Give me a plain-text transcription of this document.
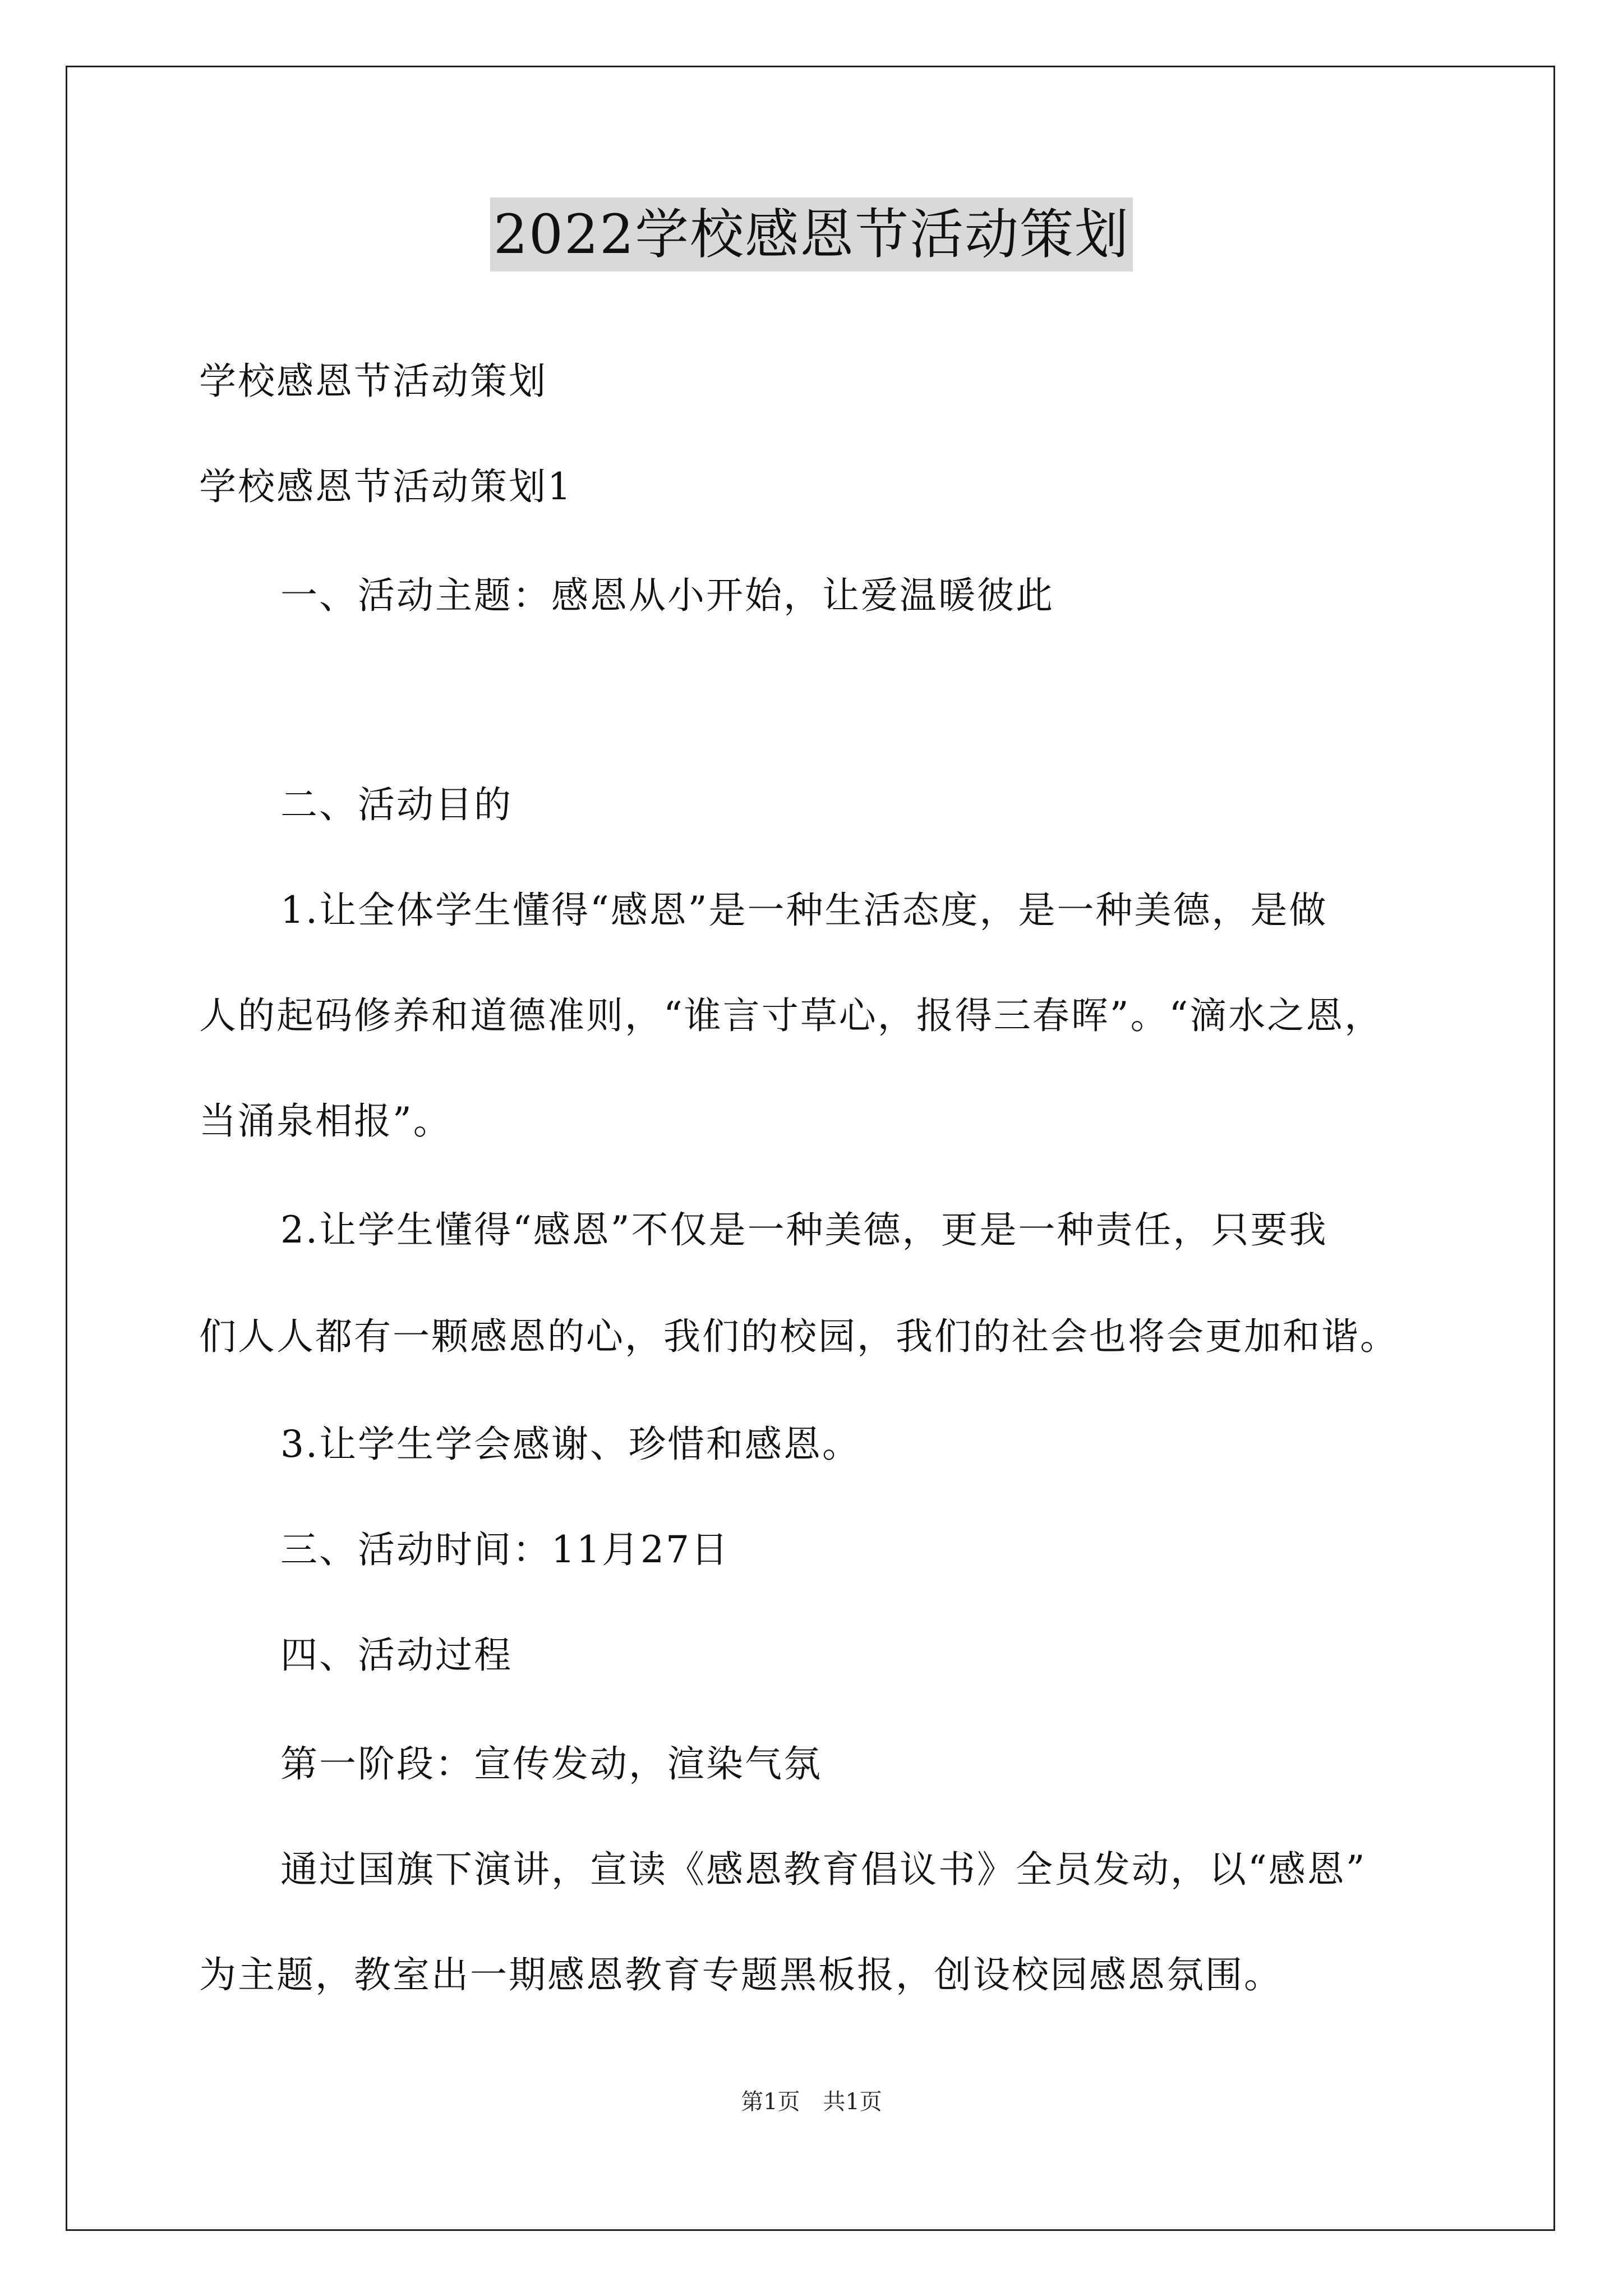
2022学校感恩节活动策划
学校感恩节活动策划
学校感恩节活动策划1
一、活动主题：感恩从小开始，让爱温暖彼此
二、活动目的
1.让全体学生懂得“感恩”是一种生活态度，是一种美德，是做
人的起码修养和道德准则，“谁言寸草心，报得三春晖”。“滴水之恩，
当涌泉相报”。
2.让学生懂得“感恩”不仅是一种美德，更是一种责任，只要我
们人人都有一颗感恩的心，我们的校园，我们的社会也将会更加和谐。
3.让学生学会感谢、珍惜和感恩。
三、活动时间：11月27日
四、活动过程
第一阶段：宣传发动，渲染气氛
通过国旗下演讲，宣读《感恩教育倡议书》全员发动，以“感恩”
为主题，教室出一期感恩教育专题黑板报，创设校园感恩氛围。
第1页 共1页
